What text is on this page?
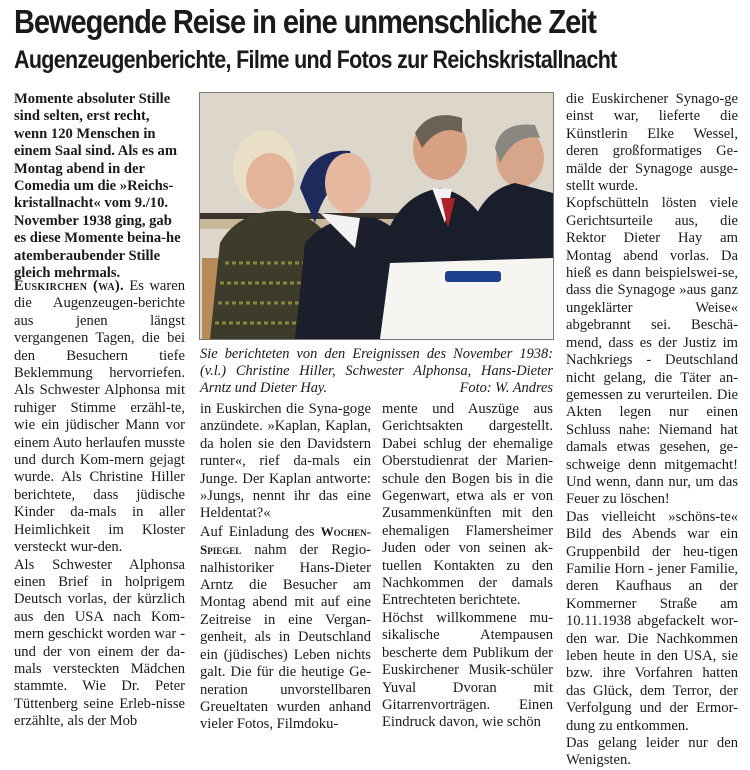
Bewegende Reise in eine unmenschliche Zeit
Augenzeugenberichte, Filme und Fotos zur Reichskristallnacht
Momente absoluter Stille sind selten, erst recht, wenn 120 Menschen in einem Saal sind. Als es am Montag abend in der Comedia um die »Reichs-kristallnacht« vom 9./10. November 1938 ging, gab es diese Momente beina-he atemberaubender Stille gleich mehrmals.

Euskirchen (wa). Es waren die Augenzeugen-berichte aus jenen längst vergangenen Tagen, die bei den Besuchern tiefe Beklemmung hervorriefen. Als Schwester Alphonsa mit ruhiger Stimme erzähl-te, wie ein jüdischer Mann vor einem Auto herlaufen musste und durch Kom-mern gejagt wurde. Als Christine Hiller berichtete, dass jüdische Kinder da-mals in aller Heimlichkeit im Kloster versteckt wur-den.

Als Schwester Alphonsa einen Brief in holprigem Deutsch vorlas, der kürzlich aus den USA nach Kom-mern geschickt worden war - und der von einem der da-mals versteckten Mädchen stammte. Wie Dr. Peter Tüttenberg seine Erleb-nisse erzählte, als der Mob

Sie berichteten von den Ereignissen des November 1938: (v.l.) Christine Hiller, Schwester Alphonsa, Hans-Dieter Arntz und Dieter Hay.	Foto: W. Andres

in Euskirchen die Syna-goge anzündete. »Kaplan, Kaplan, da holen sie den Davidstern runter«, rief da-mals ein Junge. Der Kaplan antworte: »Jungs, nennt ihr das eine Heldentat?«

Auf Einladung des Wochen-Spiegel nahm der Regio-nalhistoriker Hans-Dieter Arntz die Besucher am Montag abend mit auf eine Zeitreise in eine Vergan-genheit, als in Deutschland ein (jüdisches) Leben nichts galt. Die für die heutige Ge-neration unvorstellbaren Greueltaten wurden anhand vieler Fotos, Filmdoku-

mente und Auszüge aus Gerichtsakten dargestellt. Dabei schlug der ehemalige Oberstudienrat der Marien-schule den Bogen bis in die Gegenwart, etwa als er von Zusammenkünften mit den ehemaligen Flamersheimer Juden oder von seinen ak-tuellen Kontakten zu den Nachkommen der damals Entrechteten berichtete.

Höchst willkommene mu-sikalische Atempausen bescherte dem Publikum der Euskirchener Musik-schüler Yuval Dvoran mit Gitarrenvorträgen. Einen Eindruck davon, wie schön

die Euskirchener Synago-ge einst war, lieferte die Künstlerin Elke Wessel, deren großformatiges Ge-mälde der Synagoge ausge-stellt wurde.

Kopfschütteln lösten viele Gerichtsurteile aus, die Rektor Dieter Hay am Montag abend vorlas. Da hieß es dann beispielswei-se, dass die Synagoge »aus ganz ungeklärter Weise« abgebrannt sei. Beschä-mend, dass es der Justiz im Nachkriegs - Deutschland nicht gelang, die Täter an-gemessen zu verurteilen. Die Akten legen nur einen Schluss nahe: Niemand hat damals etwas gesehen, ge-schweige denn mitgemacht! Und wenn, dann nur, um das Feuer zu löschen!

Das vielleicht »schöns-te« Bild des Abends war ein Gruppenbild der heu-tigen Familie Horn - jener Familie, deren Kaufhaus an der Kommerner Straße am 10.11.1938 abgefackelt wor-den war. Die Nachkommen leben heute in den USA, sie bzw. ihre Vorfahren hatten das Glück, dem Terror, der Verfolgung und der Ermor-dung zu entkommen.

Das gelang leider nur den Wenigsten.
